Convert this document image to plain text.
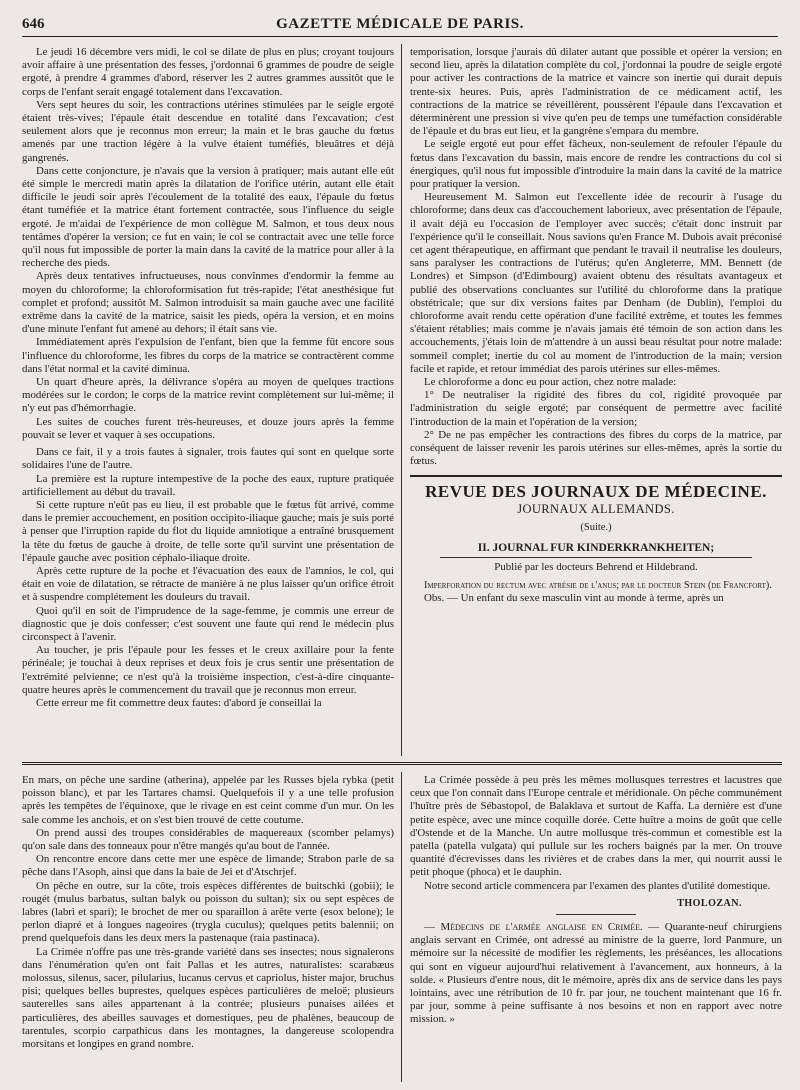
646	GAZETTE MÉDICALE DE PARIS.

Le jeudi 16 décembre vers midi, le col se dilate de plus en plus; croyant toujours avoir affaire à une présentation des fesses, j'ordonnai 6 grammes de poudre de seigle ergoté, à prendre 4 grammes d'abord, réserver les 2 autres grammes aussitôt que le corps de l'enfant serait engagé totalement dans l'excavation.

Vers sept heures du soir, les contractions utérines stimulées par le seigle ergoté étaient très-vives; l'épaule était descendue en totalité dans l'excavation; c'est seulement alors que je reconnus mon erreur; la main et le bras gauche du fœtus amenés par une traction légère à la vulve étaient tuméfiés, bleuâtres et déjà gangrenés.

Dans cette conjoncture, je n'avais que la version à pratiquer; mais autant elle eût été simple le mercredi matin après la dilatation de l'orifice utérin, autant elle était difficile le jeudi soir après l'écoulement de la totalité des eaux, l'épaule du fœtus étant tuméfiée et la matrice étant fortement contractée, sous l'influence du seigle ergoté. Je m'aidai de l'expérience de mon collègue M. Salmon, et tous deux nous tentâmes d'opérer la version; ce fut en vain; le col se contractait avec une telle force qu'il nous fut impossible de porter la main dans la cavité de la matrice pour aller à la recherche des pieds.

Après deux tentatives infructueuses, nous convînmes d'endormir la femme au moyen du chloroforme; la chloroformisation fut très-rapide; l'état anesthésique fut complet et profond; aussitôt M. Salmon introduisit sa main gauche avec une facilité extrême dans la cavité de la matrice, saisit les pieds, opéra la version, et en moins d'une minute l'enfant fut amené au dehors; il était sans vie.

Immédiatement après l'expulsion de l'enfant, bien que la femme fût encore sous l'influence du chloroforme, les fibres du corps de la matrice se contractèrent comme dans l'état normal et la cavité diminua.

Un quart d'heure après, la délivrance s'opéra au moyen de quelques tractions modérées sur le cordon; le corps de la matrice revint complètement sur lui-même; il n'y eut pas d'hémorrhagie.

Les suites de couches furent très-heureuses, et douze jours après la femme pouvait se lever et vaquer à ses occupations.

Dans ce fait, il y a trois fautes à signaler, trois fautes qui sont en quelque sorte solidaires l'une de l'autre.

La première est la rupture intempestive de la poche des eaux, rupture pratiquée artificiellement au début du travail.

Si cette rupture n'eût pas eu lieu, il est probable que le fœtus fût arrivé, comme dans le premier accouchement, en position occipito-iliaque gauche; mais je suis porté à penser que l'irruption rapide du flot du liquide amniotique a entraîné brusquement la tête du fœtus de gauche à droite, de telle sorte qu'il survint une présentation de l'épaule gauche avec position céphalo-iliaque droite.

Après cette rupture de la poche et l'évacuation des eaux de l'amnios, le col, qui était en voie de dilatation, se rétracte de manière à ne plus laisser qu'un orifice étroit et à suspendre complétement les douleurs du travail.

Quoi qu'il en soit de l'imprudence de la sage-femme, je commis une erreur de diagnostic que je dois confesser; c'est souvent une faute qui rend le médecin plus circonspect à l'avenir.

Au toucher, je pris l'épaule pour les fesses et le creux axillaire pour la fente périnéale; je touchai à deux reprises et deux fois je crus sentir une présentation de l'extrémité pelvienne; ce n'est qu'à la troisième inspection, c'est-à-dire cinquante-quatre heures après le commencement du travail que je reconnus mon erreur.

Cette erreur me fit commettre deux fautes: d'abord je conseillai la

temporisation, lorsque j'aurais dû dilater autant que possible et opérer la version; en second lieu, après la dilatation complète du col, j'ordonnai la poudre de seigle ergoté pour activer les contractions de la matrice et vaincre son inertie qui durait depuis trente-six heures. Puis, après l'administration de ce médicament actif, les contractions de la matrice se réveillèrent, poussèrent l'épaule dans l'excavation et déterminèrent une pression si vive qu'en peu de temps une tuméfaction considérable de l'épaule et du bras eut lieu, et la gangrène s'empara du membre.

Le seigle ergoté eut pour effet fâcheux, non-seulement de refouler l'épaule du fœtus dans l'excavation du bassin, mais encore de rendre les contractions du col si énergiques, qu'il nous fut impossible d'introduire la main dans la cavité de la matrice pour pratiquer la version.

Heureusement M. Salmon eut l'excellente idée de recourir à l'usage du chloroforme; dans deux cas d'accouchement laborieux, avec présentation de l'épaule, il avait déjà eu l'occasion de l'employer avec succès; c'était donc instruit par l'expérience qu'il le conseillait. Nous savions qu'en France M. Dubois avait préconisé cet agent thérapeutique, en affirmant que pendant le travail il neutralise les douleurs, sans paralyser les contractions de l'utérus; qu'en Angleterre, MM. Bennett (de Londres) et Simpson (d'Edimbourg) avaient obtenu des résultats avantageux et publié des observations concluantes sur l'utilité du chloroforme dans la pratique obstétricale; que sur dix versions faites par Denham (de Dublin), l'emploi du chloroforme avait rendu cette opération d'une facilité extrême, et toutes les femmes s'étaient rétablies; mais comme je n'avais jamais été témoin de son action dans les accouchements, j'étais loin de m'attendre à un aussi beau résultat pour notre malade: sommeil complet; inertie du col au moment de l'introduction de la main; version facile et rapide, et retour immédiat des parois utérines sur elles-mêmes.

Le chloroforme a donc eu pour action, chez notre malade:

1° De neutraliser la rigidité des fibres du col, rigidité provoquée par l'administration du seigle ergoté; par conséquent de permettre avec facilité l'introduction de la main et l'opération de la version;

2° De ne pas empêcher les contractions des fibres du corps de la matrice, par conséquent de laisser revenir les parois utérines sur elles-mêmes, après la sortie du fœtus.

REVUE DES JOURNAUX DE MÉDECINE.
JOURNAUX ALLEMANDS.
(Suite.)
II. JOURNAL FUR KINDERKRANKHEITEN;
Publié par les docteurs Behrend et Hildebrand.

Imperforation du rectum avec atrésie de l'anus; par le docteur Stein (de Francfort).

Obs. — Un enfant du sexe masculin vint au monde à terme, après un

En mars, on pêche une sardine (atherina), appelée par les Russes bjela rybka (petit poisson blanc), et par les Tartares chamsi. Quelquefois il y a une telle profusion après les tempêtes de l'équinoxe, que le rivage en est ceint comme d'un mur. On les sale comme les anchois, et on s'est bien trouvé de cette coutume.

On prend aussi des troupes considérables de maquereaux (scomber pelamys) qu'on sale dans des tonneaux pour n'être mangés qu'au bout de l'année.

On rencontre encore dans cette mer une espèce de limande; Strabon parle de sa pêche dans l'Asoph, ainsi que dans la baie de Jei et d'Atschrjef.

On pêche en outre, sur la côte, trois espèces différentes de buitschki (gobii); le rougét (mulus barbatus, sultan balyk ou poisson du sultan); six ou sept espèces de labres (labri et spari); le brochet de mer ou sparaillon à arête verte (esox belone); le perlon diapré et à longues nageoires (trygla cuculus); quelques petits balennii; on prend quelquefois dans les deux mers la pastenaque (raia pastinaca).

La Crimée n'offre pas une très-grande variété dans ses insectes; nous signalerons dans l'énumération qu'en ont fait Pallas et les autres, naturalistes: scarabæus molossus, silenus, sacer, pilularius, lucanus cervus et capriolus, hister major, bruchus pisi; quelques belles buprestes, quelques espèces particulières de meloë; plusieurs sauterelles sans ailes appartenant à la contrée; plusieurs punaises ailées et particulières, des abeilles sauvages et domestiques, peu de phalènes, beaucoup de tarentules, scorpio carpathicus dans les montagnes, la dangereuse scolopendra morsitans et longipes en grand nombre.

La Crimée possède à peu près les mêmes mollusques terrestres et lacustres que ceux que l'on connaît dans l'Europe centrale et méridionale. On pêche communément l'huître près de Sébastopol, de Balaklava et surtout de Kaffa. La dernière est d'une petite espèce, avec une mince coquille dorée. Cette huître a moins de goût que celle d'Ostende et de la Manche. Un autre mollusque très-commun et comestible est la patella (patella vulgata) qui pullule sur les rochers baignés par la mer. On trouve quantité d'écrevisses dans les rivières et de crabes dans la mer, qui nourrit aussi le petit phoque (phoca) et le dauphin.

Notre second article commencera par l'examen des plantes d'utilité domestique.

THOLOZAN.

— Médecins de l'armée anglaise en Crimée. — Quarante-neuf chirurgiens anglais servant en Crimée, ont adressé au ministre de la guerre, lord Panmure, un mémoire sur la nécessité de modifier les règlements, les préséances, les allocations qui sont en vigueur aujourd'hui relativement à l'avancement, aux honneurs, à la solde. « Plusieurs d'entre nous, dit le mémoire, après dix ans de service dans les pays lointains, avec une rétribution de 10 fr. par jour, ne touchent maintenant que 16 fr. par jour, somme à peine suffisante à nos besoins et non en rapport avec notre mission. »
